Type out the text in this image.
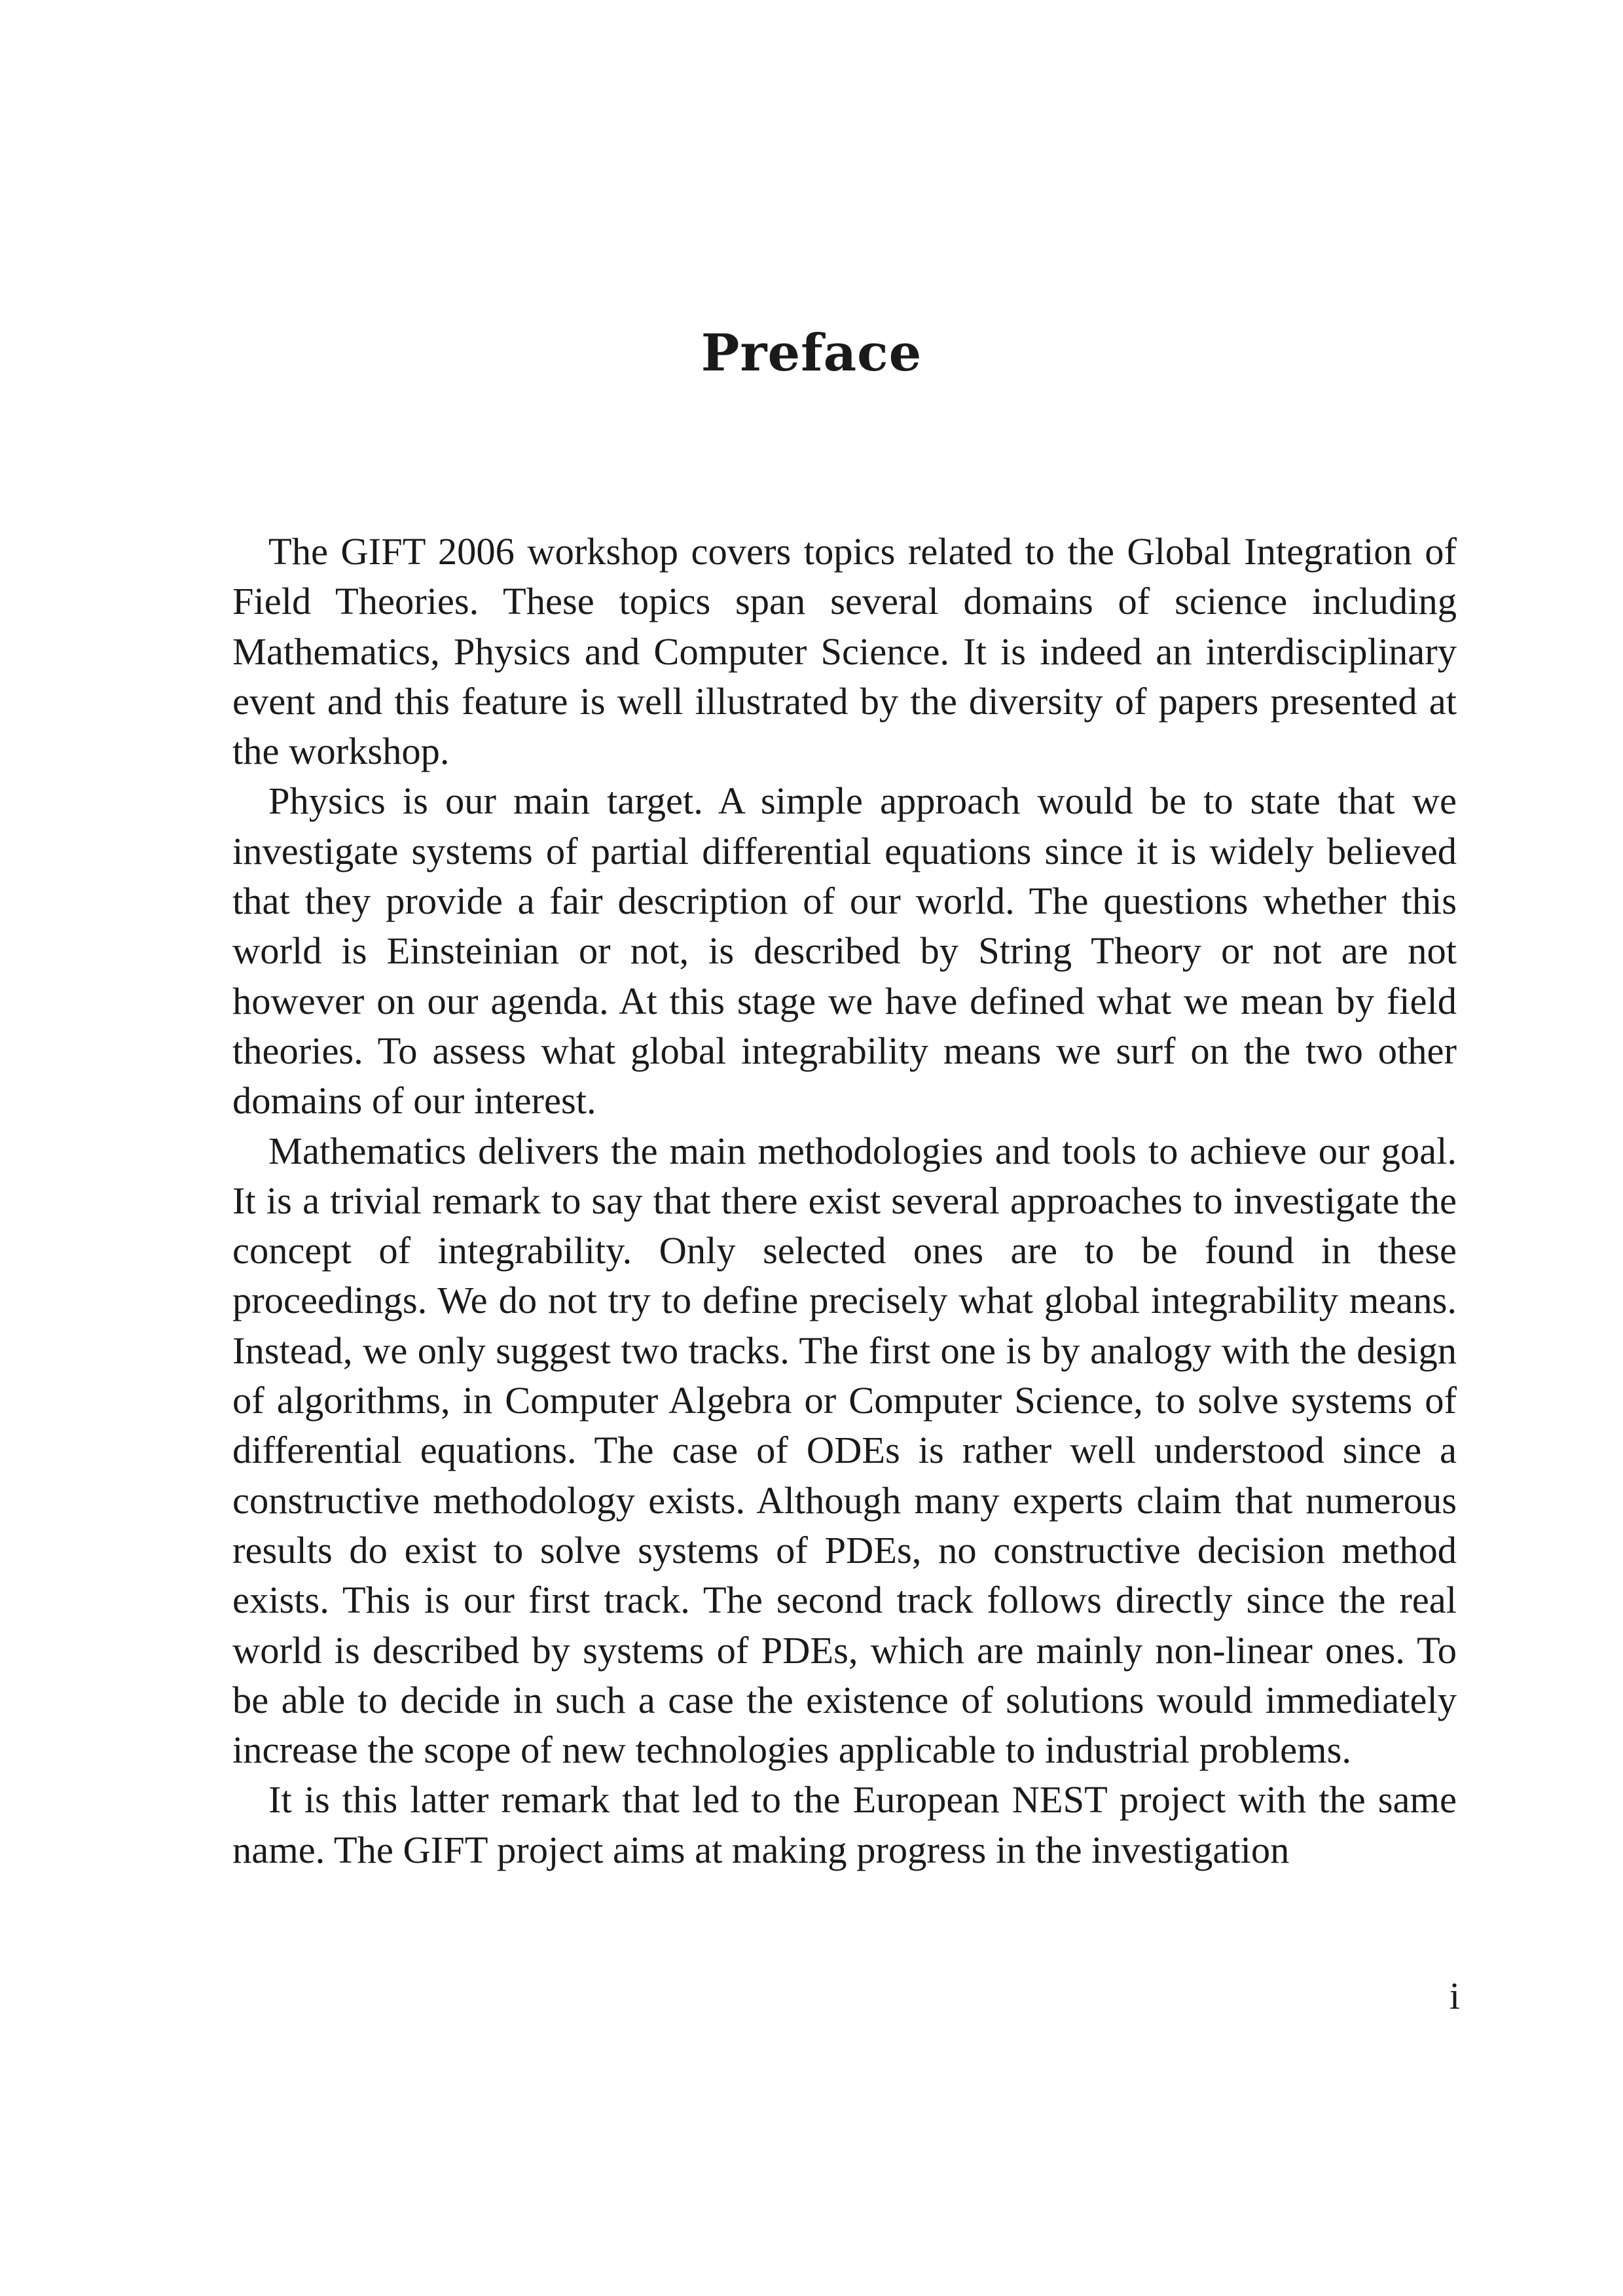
Preface

The GIFT 2006 workshop covers topics related to the Global Integration of Field Theories. These topics span several domains of science including Mathematics, Physics and Computer Science. It is indeed an interdisciplinary event and this feature is well illustrated by the diversity of papers presented at the workshop.

Physics is our main target. A simple approach would be to state that we investigate systems of partial differential equations since it is widely believed that they provide a fair description of our world. The questions whether this world is Einsteinian or not, is described by String Theory or not are not however on our agenda. At this stage we have defined what we mean by field theories. To assess what global integrability means we surf on the two other domains of our interest.

Mathematics delivers the main methodologies and tools to achieve our goal. It is a trivial remark to say that there exist several approaches to investigate the concept of integrability. Only selected ones are to be found in these proceedings. We do not try to define precisely what global integrability means. Instead, we only suggest two tracks. The first one is by analogy with the design of algorithms, in Computer Algebra or Computer Science, to solve systems of differential equations. The case of ODEs is rather well understood since a constructive methodology exists. Although many experts claim that numerous results do exist to solve systems of PDEs, no constructive decision method exists. This is our first track. The second track follows directly since the real world is described by systems of PDEs, which are mainly non-linear ones. To be able to decide in such a case the existence of solutions would immediately increase the scope of new technologies applicable to industrial problems.

It is this latter remark that led to the European NEST project with the same name. The GIFT project aims at making progress in the investigation

i
